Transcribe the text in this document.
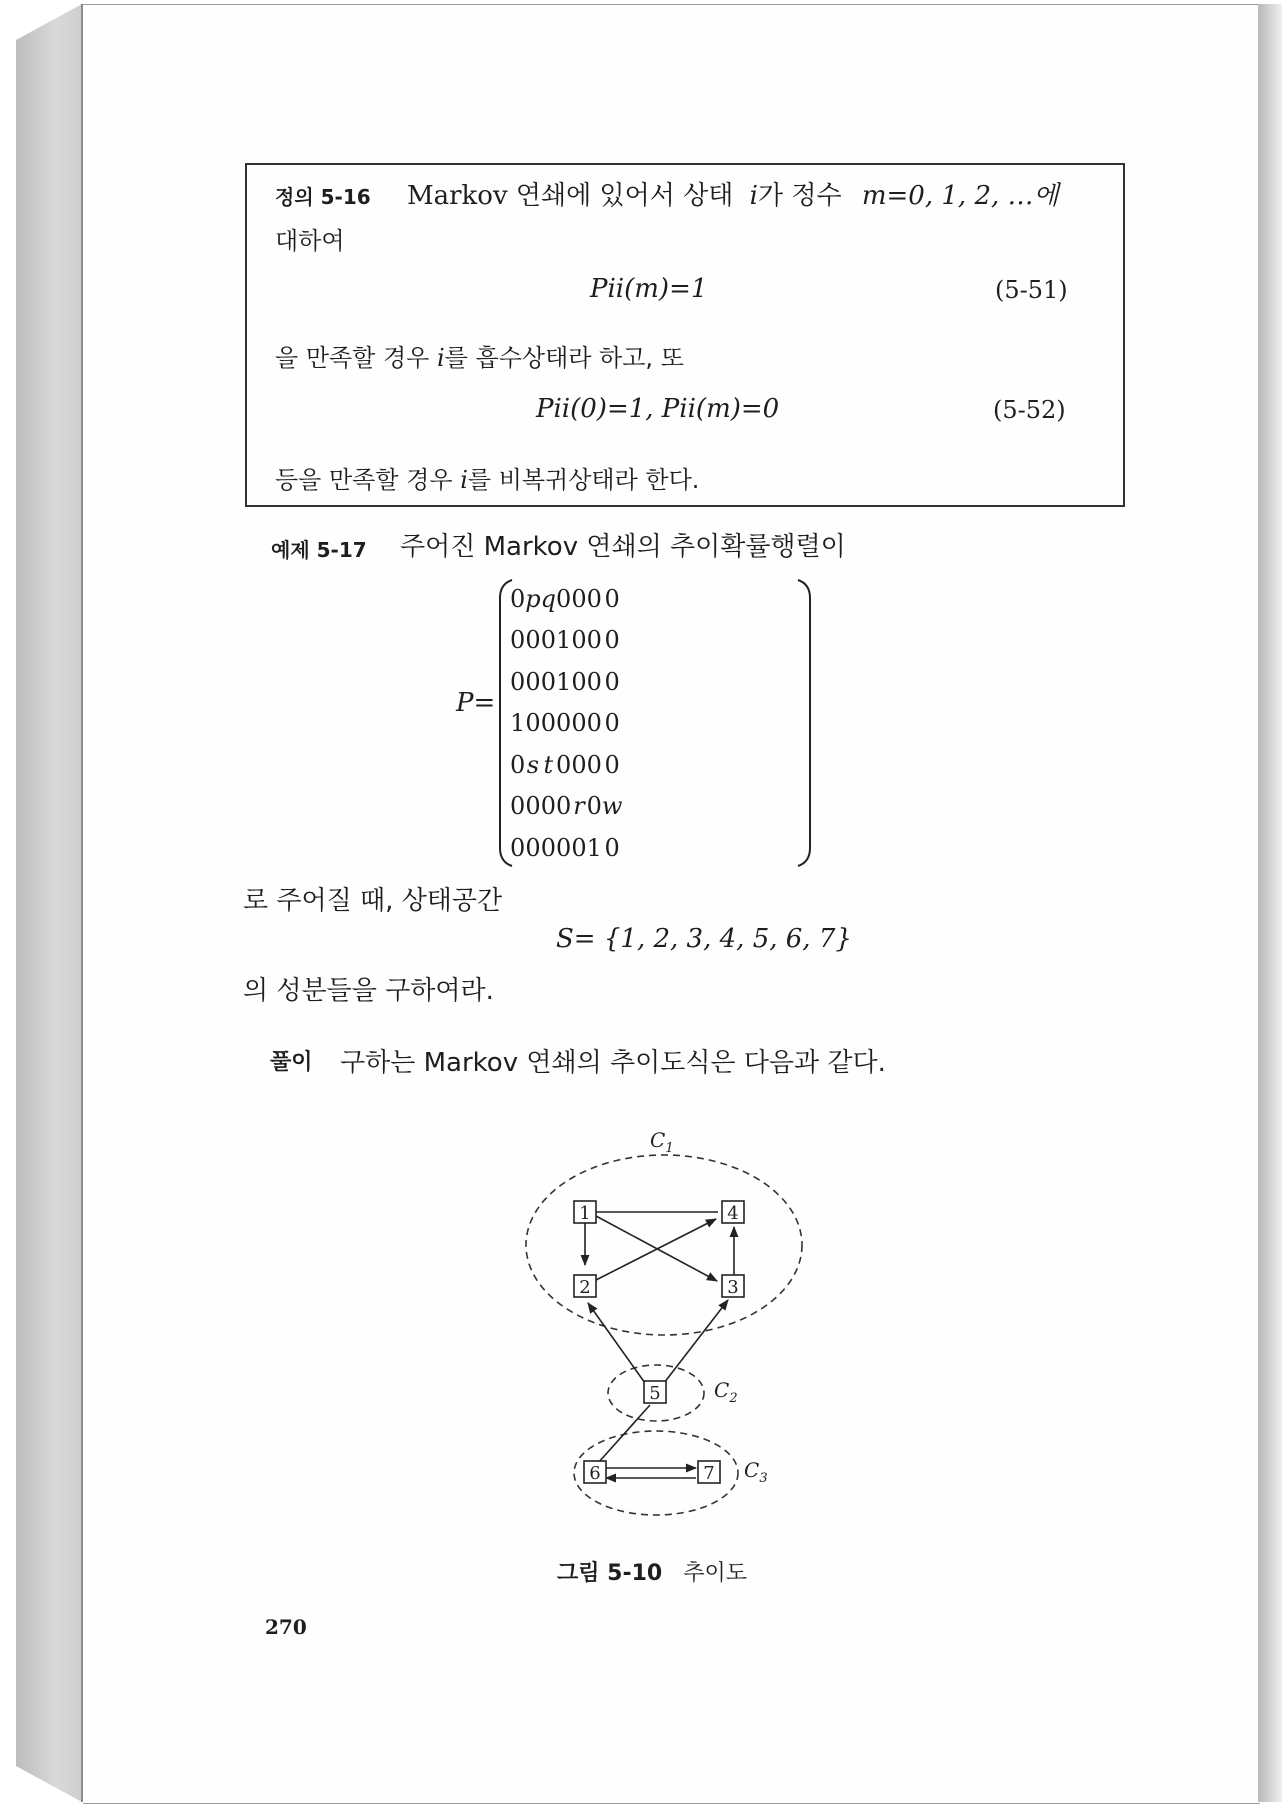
정의 5-16 Markov 연쇄에 있어서 상태 i가 정수 m=0, 1, 2, …에
대하여
Pii(m)=1	(5-51)
을 만족할 경우 i를 흡수상태라 하고, 또
Pii(0)=1, Pii(m)=0	(5-52)
등을 만족할 경우 i를 비복귀상태라 한다.
예제 5-17 주어진 Markov 연쇄의 추이확률행렬이
P=
0	p	q	0	0	0	0
0	0	0	1	0	0	0
0	0	0	1	0	0	0
1	0	0	0	0	0	0
0	s	t	0	0	0	0
0	0	0	0	r	0	w
0	0	0	0	0	1	0
로 주어질 때, 상태공간
S= {1, 2, 3, 4, 5, 6, 7}
의 성분들을 구하여라.
풀이 구하는 Markov 연쇄의 추이도식은 다음과 같다.
1	4
2	3
5
6	7
$C_1$
$C_2$
$C_3$
그림 5-10 추이도
270
